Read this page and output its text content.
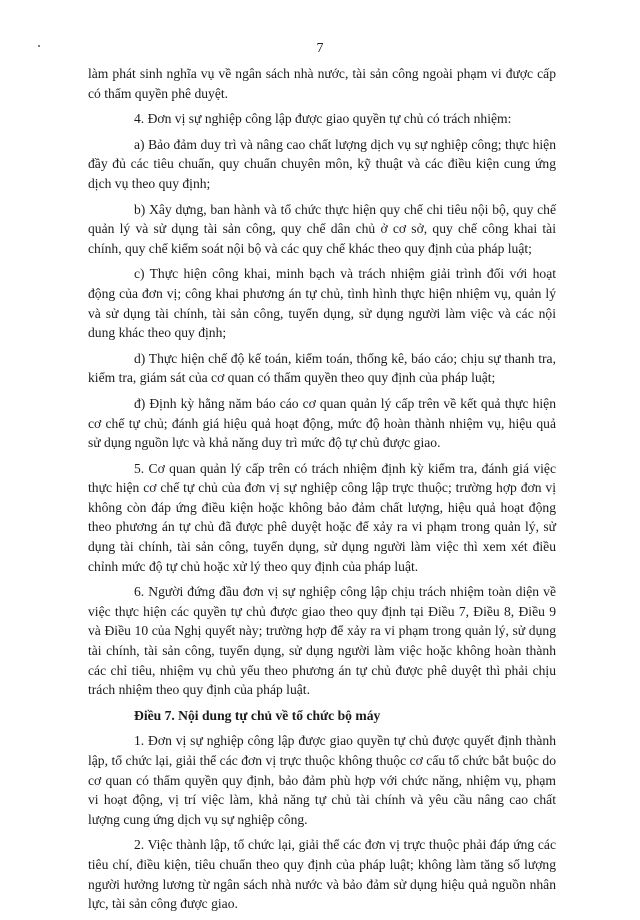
7

làm phát sinh nghĩa vụ về ngân sách nhà nước, tài sản công ngoài phạm vi được cấp có thẩm quyền phê duyệt.

4. Đơn vị sự nghiệp công lập được giao quyền tự chủ có trách nhiệm:

a) Bảo đảm duy trì và nâng cao chất lượng dịch vụ sự nghiệp công; thực hiện đầy đủ các tiêu chuẩn, quy chuẩn chuyên môn, kỹ thuật và các điều kiện cung ứng dịch vụ theo quy định;

b) Xây dựng, ban hành và tổ chức thực hiện quy chế chi tiêu nội bộ, quy chế quản lý và sử dụng tài sản công, quy chế dân chủ ở cơ sở, quy chế công khai tài chính, quy chế kiểm soát nội bộ và các quy chế khác theo quy định của pháp luật;

c) Thực hiện công khai, minh bạch và trách nhiệm giải trình đối với hoạt động của đơn vị; công khai phương án tự chủ, tình hình thực hiện nhiệm vụ, quản lý và sử dụng tài chính, tài sản công, tuyển dụng, sử dụng người làm việc và các nội dung khác theo quy định;

d) Thực hiện chế độ kế toán, kiểm toán, thống kê, báo cáo; chịu sự thanh tra, kiểm tra, giám sát của cơ quan có thẩm quyền theo quy định của pháp luật;

đ) Định kỳ hằng năm báo cáo cơ quan quản lý cấp trên về kết quả thực hiện cơ chế tự chủ; đánh giá hiệu quả hoạt động, mức độ hoàn thành nhiệm vụ, hiệu quả sử dụng nguồn lực và khả năng duy trì mức độ tự chủ được giao.

5. Cơ quan quản lý cấp trên có trách nhiệm định kỳ kiểm tra, đánh giá việc thực hiện cơ chế tự chủ của đơn vị sự nghiệp công lập trực thuộc; trường hợp đơn vị không còn đáp ứng điều kiện hoặc không bảo đảm chất lượng, hiệu quả hoạt động theo phương án tự chủ đã được phê duyệt hoặc để xảy ra vi phạm trong quản lý, sử dụng tài chính, tài sản công, tuyển dụng, sử dụng người làm việc thì xem xét điều chỉnh mức độ tự chủ hoặc xử lý theo quy định của pháp luật.

6. Người đứng đầu đơn vị sự nghiệp công lập chịu trách nhiệm toàn diện về việc thực hiện các quyền tự chủ được giao theo quy định tại Điều 7, Điều 8, Điều 9 và Điều 10 của Nghị quyết này; trường hợp để xảy ra vi phạm trong quản lý, sử dụng tài chính, tài sản công, tuyển dụng, sử dụng người làm việc hoặc không hoàn thành các chỉ tiêu, nhiệm vụ chủ yếu theo phương án tự chủ được phê duyệt thì phải chịu trách nhiệm theo quy định của pháp luật.

Điều 7. Nội dung tự chủ về tổ chức bộ máy

1. Đơn vị sự nghiệp công lập được giao quyền tự chủ được quyết định thành lập, tổ chức lại, giải thể các đơn vị trực thuộc không thuộc cơ cấu tổ chức bắt buộc do cơ quan có thẩm quyền quy định, bảo đảm phù hợp với chức năng, nhiệm vụ, phạm vi hoạt động, vị trí việc làm, khả năng tự chủ tài chính và yêu cầu nâng cao chất lượng cung ứng dịch vụ sự nghiệp công.

2. Việc thành lập, tổ chức lại, giải thể các đơn vị trực thuộc phải đáp ứng các tiêu chí, điều kiện, tiêu chuẩn theo quy định của pháp luật; không làm tăng số lượng người hưởng lương từ ngân sách nhà nước và bảo đảm sử dụng hiệu quả nguồn nhân lực, tài sản công được giao.
